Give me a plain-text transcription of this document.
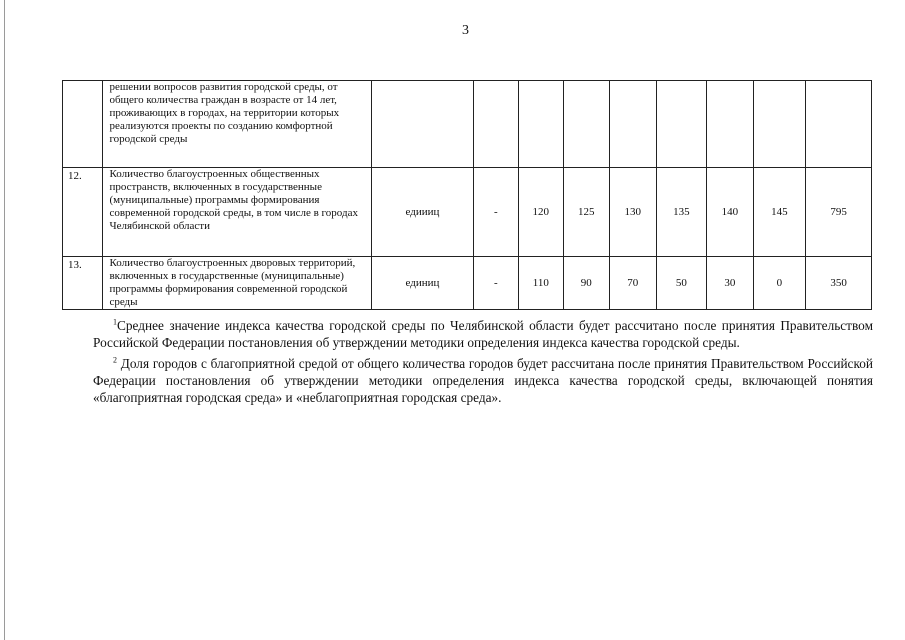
3
	решении вопросов развития городской среды, от общего количества граждан в возрасте от 14 лет, проживающих в городах, на территории которых реализуются проекты по созданию комфортной городской среды									
12.	Количество благоустроенных общественных пространств, включенных в государственные (муниципальные) программы формирования современной городской среды, в том числе в городах Челябинской области	едиииц	-	120	125	130	135	140	145	795
13.	Количество благоустроенных дворовых территорий, включенных в государственные (муниципальные) программы формирования современной городской среды	единиц	-	110	90	70	50	30	0	350

$^1$Среднее значение индекса качества городской среды по Челябинской области будет рассчитано после принятия Правительством Российской Федерации постановления об утверждении методики определения индекса качества городской среды.

$^2$ Доля городов с благоприятной средой от общего количества городов будет рассчитана после принятия Правительством Российской Федерации постановления об утверждении методики определения индекса качества городской среды, включающей понятия «благоприятная городская среда» и «неблагоприятная городская среда».
